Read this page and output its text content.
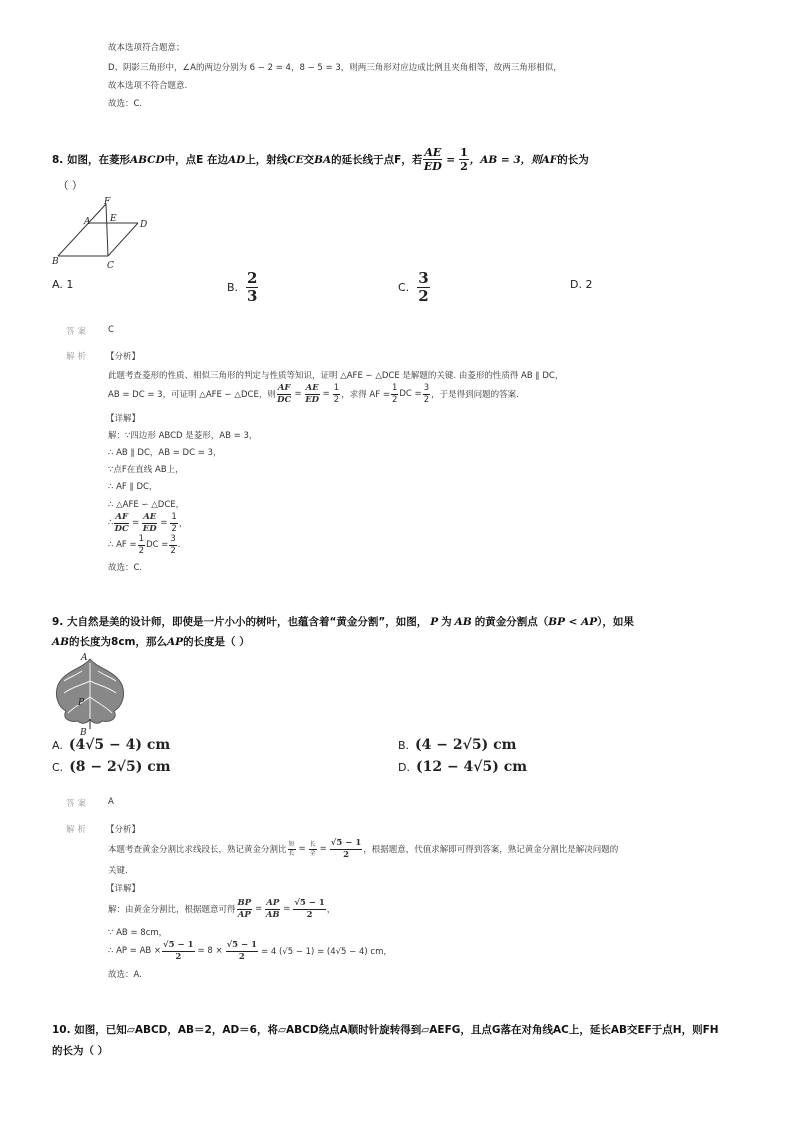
故本选项符合题意；
D、阴影三角形中，∠A的两边分别为 6 − 2 = 4，8 − 5 = 3，则两三角形对应边成比例且夹角相等，故两三角形相似，
故本选项不符合题意.
故选：C.
8. 如图，在菱形 ABCD 中，点E 在边 AD 上，射线 CE 交 BA 的延长线于点F，若 $\frac{AE}{ED} = \frac{1}{2}$ ，AB = 3，则 AF 的长为
（ ）
F
A E
D
B	C
A. 1	B. $\frac{2}{3}$	C. $\frac{3}{2}$	D. 2
答案 C
解析 【分析】
此题考查菱形的性质、相似三角形的判定与性质等知识，证明 △AFE ∽ △DCE 是解题的关键. 由菱形的性质得 AB ∥ DC，
AB = DC = 3，可证明 △AFE ∽ △DCE，则 $\frac{AF}{DC} = \frac{AE}{ED} = \frac{1}{2}$ ，求得 AF = $\frac{1}{2}$ DC = $\frac{3}{2}$ ，于是得到问题的答案.
【详解】
解：∵四边形 ABCD 是菱形，AB = 3，
∴ AB ∥ DC，AB = DC = 3，
∵点F在直线 AB上，
∴ AF ∥ DC，
∴ △AFE ∽ △DCE，
∴ $\frac{AF}{DC} = \frac{AE}{ED} = \frac{1}{2}$ ，
∴ AF = $\frac{1}{2}$ DC = $\frac{3}{2}$ .
故选：C.
9. 大自然是美的设计师，即使是一片小小的树叶，也蕴含着“黄金分割”，如图， P 为 AB 的黄金分割点（ BP < AP ），如果
AB 的长度为8cm，那么 AP 的长度是（ ）
A
P
B
A. (4√5 − 4) cm	B. (4 − 2√5) cm
C. (8 − 2√5) cm	D. (12 − 4√5) cm
答案 A
解析 【分析】
本题考查黄金分割比求线段长，熟记黄金分割比 $\frac{\text{短}}{\text{长}} = \frac{\text{长}}{\text{全}} = \frac{√5 - 1}{2}$ ，根据题意，代值求解即可得到答案，熟记黄金分割比是解决问题的
关键.
【详解】
解：由黄金分割比，根据题意可得 $\frac{BP}{AP} = \frac{AP}{AB} = \frac{√5 - 1}{2}$ ，
∵ AB = 8cm，
∴ AP = AB × $\frac{√5 - 1}{2} = 8 \times \frac{√5 - 1}{2} = 4$ (√5 − 1) = (4√5 − 4) cm，
故选：A.
10. 如图，已知▱ABCD，AB＝2，AD＝6，将▱ABCD绕点A顺时针旋转得到▱AEFG，且点G落在对角线AC上，延长AB交EF于点H，则FH
的长为（ ）
